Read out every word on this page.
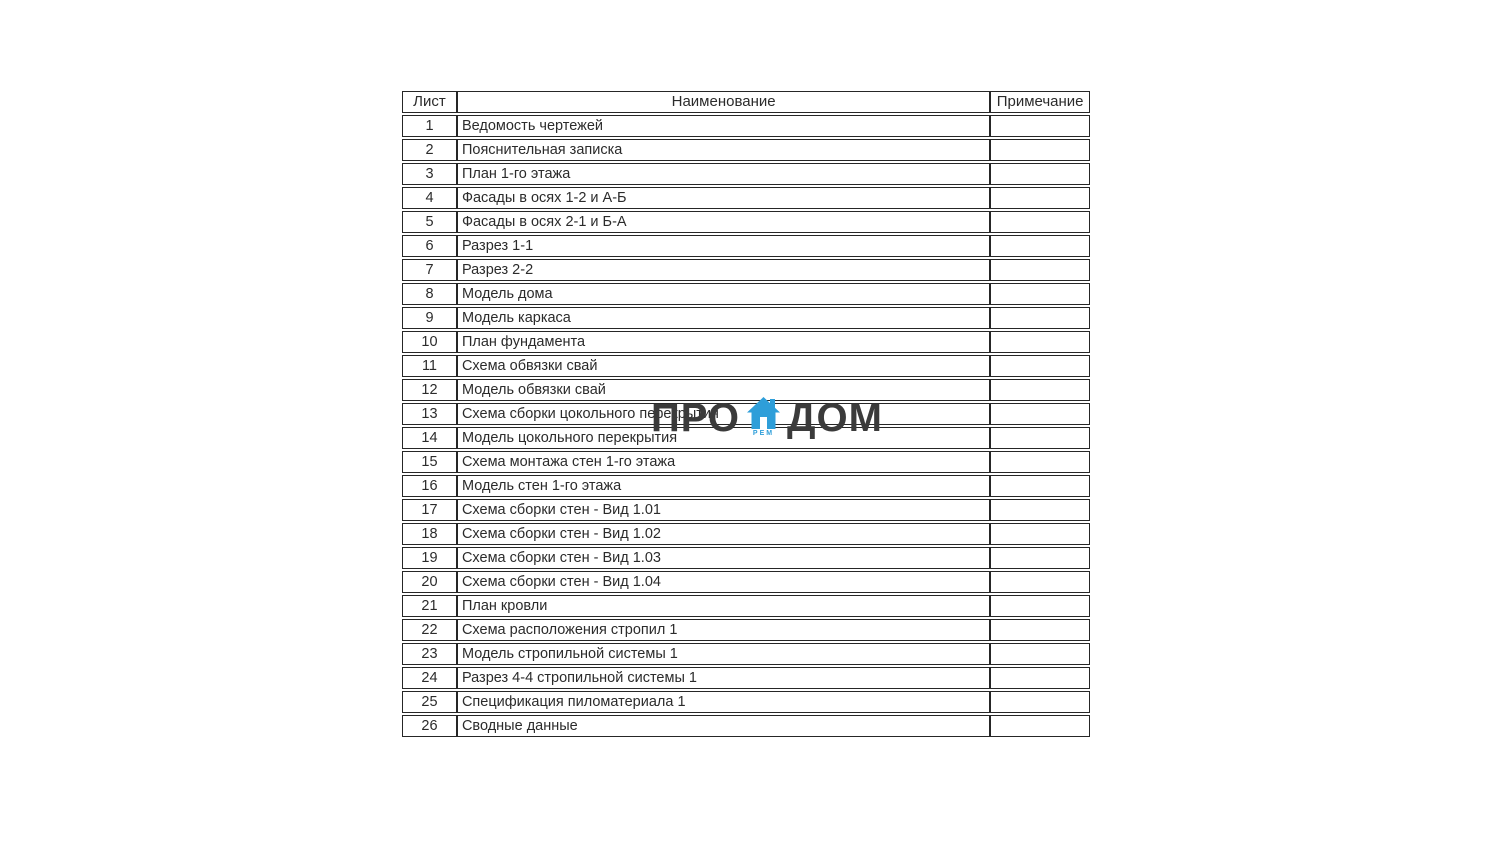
Лист	Наименование	Примечание
1	Ведомость чертежей	
2	Пояснительная записка	
3	План 1-го этажа	
4	Фасады в осях 1-2 и А-Б	
5	Фасады в осях 2-1 и Б-А	
6	Разрез 1-1	
7	Разрез 2-2	
8	Модель дома	
9	Модель каркаса	
10	План фундамента	
11	Схема обвязки свай	
12	Модель обвязки свай	
13	Схема сборки цокольного перекрытия	
14	Модель цокольного перекрытия	
15	Схема монтажа стен 1-го этажа	
16	Модель стен 1-го этажа	
17	Схема сборки стен - Вид 1.01	
18	Схема сборки стен - Вид 1.02	
19	Схема сборки стен - Вид 1.03	
20	Схема сборки стен - Вид 1.04	
21	План кровли	
22	Схема расположения стропил 1	
23	Модель стропильной системы 1	
24	Разрез 4-4 стропильной системы 1	
25	Спецификация пиломатериала 1	
26	Сводные данные	
ПРО РЕМ ДОМ
